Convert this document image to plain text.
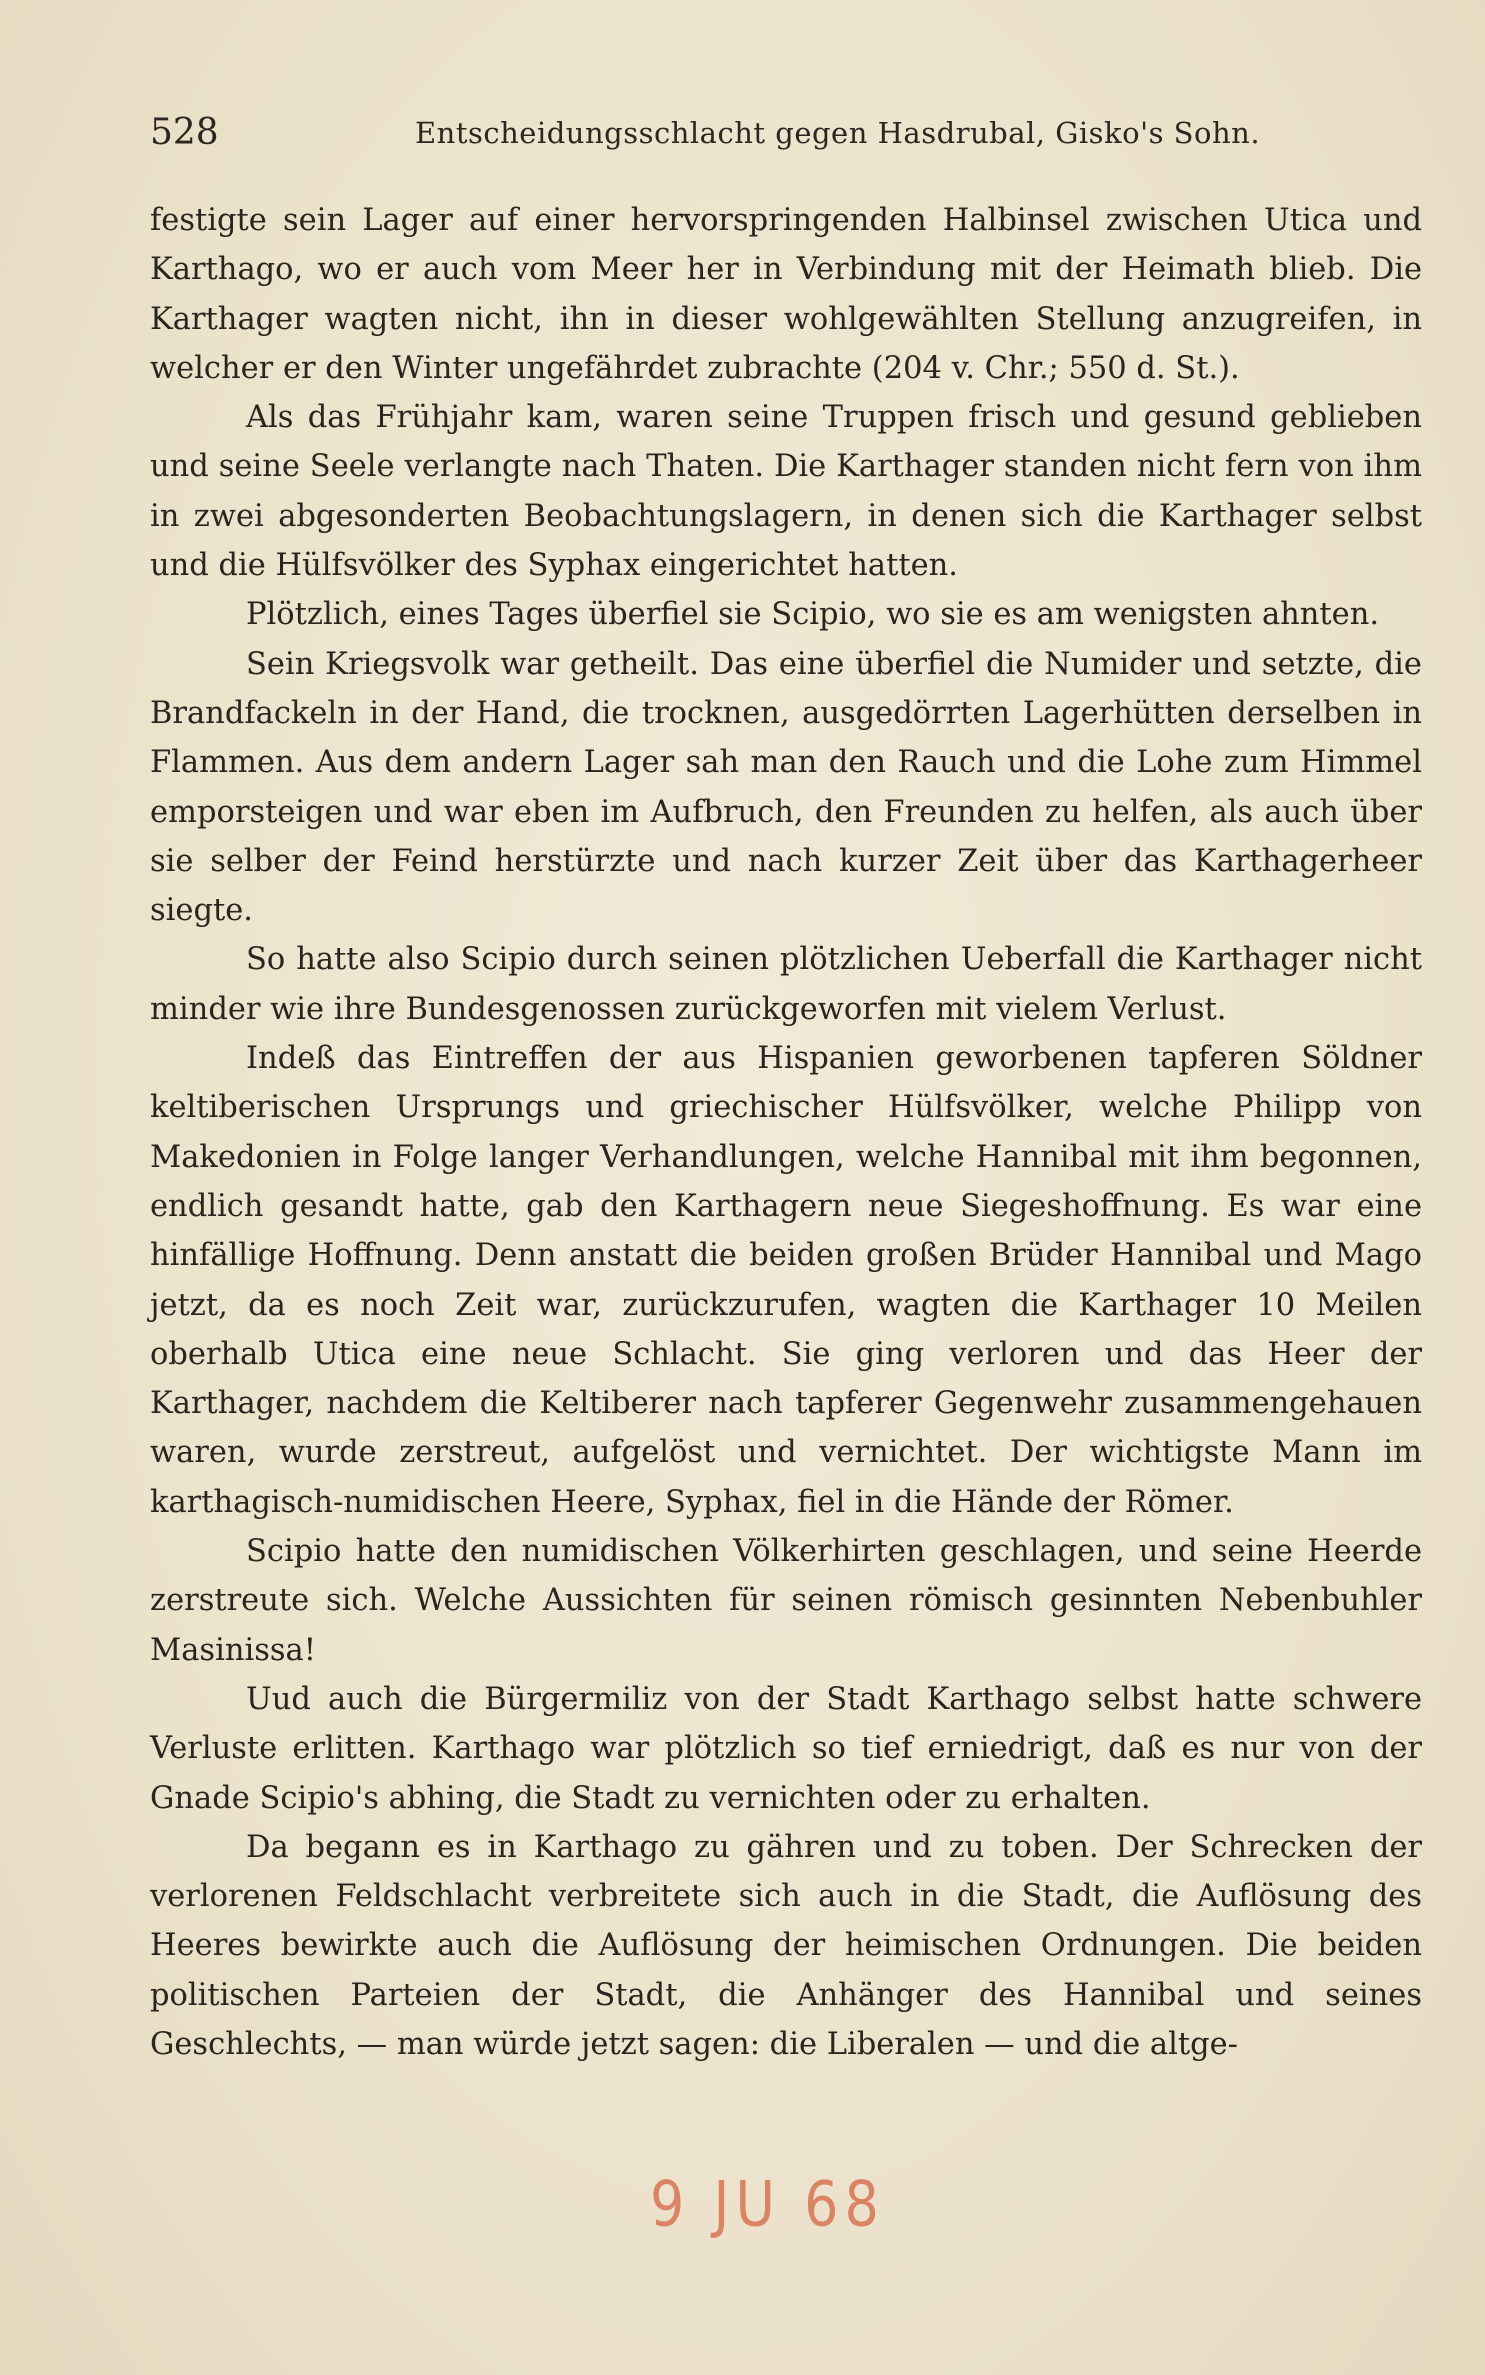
528	Entscheidungsschlacht gegen Hasdrubal, Gisko's Sohn.

festigte sein Lager auf einer hervorspringenden Halbinsel zwischen Utica und Karthago, wo er auch vom Meer her in Verbindung mit der Heimath blieb. Die Karthager wagten nicht, ihn in dieser wohlgewählten Stellung anzugreifen, in welcher er den Winter ungefährdet zubrachte (204 v. Chr.; 550 d. St.).

Als das Frühjahr kam, waren seine Truppen frisch und gesund geblieben und seine Seele verlangte nach Thaten. Die Karthager standen nicht fern von ihm in zwei abgesonderten Beobachtungslagern, in denen sich die Karthager selbst und die Hülfsvölker des Syphax eingerichtet hatten.

Plötzlich, eines Tages überfiel sie Scipio, wo sie es am wenigsten ahnten.

Sein Kriegsvolk war getheilt. Das eine überfiel die Numider und setzte, die Brandfackeln in der Hand, die trocknen, ausgedörrten Lagerhütten derselben in Flammen. Aus dem andern Lager sah man den Rauch und die Lohe zum Himmel emporsteigen und war eben im Aufbruch, den Freunden zu helfen, als auch über sie selber der Feind herstürzte und nach kurzer Zeit über das Karthagerheer siegte.

So hatte also Scipio durch seinen plötzlichen Ueberfall die Karthager nicht minder wie ihre Bundesgenossen zurückgeworfen mit vielem Verlust.

Indeß das Eintreffen der aus Hispanien geworbenen tapferen Söldner keltiberischen Ursprungs und griechischer Hülfsvölker, welche Philipp von Makedonien in Folge langer Verhandlungen, welche Hannibal mit ihm begonnen, endlich gesandt hatte, gab den Karthagern neue Siegeshoffnung. Es war eine hinfällige Hoffnung. Denn anstatt die beiden großen Brüder Hannibal und Mago jetzt, da es noch Zeit war, zurückzurufen, wagten die Karthager 10 Meilen oberhalb Utica eine neue Schlacht. Sie ging verloren und das Heer der Karthager, nachdem die Keltiberer nach tapferer Gegenwehr zusammengehauen waren, wurde zerstreut, aufgelöst und vernichtet. Der wichtigste Mann im karthagisch-numidischen Heere, Syphax, fiel in die Hände der Römer.

Scipio hatte den numidischen Völkerhirten geschlagen, und seine Heerde zerstreute sich. Welche Aussichten für seinen römisch gesinnten Nebenbuhler Masinissa!

Uud auch die Bürgermiliz von der Stadt Karthago selbst hatte schwere Verluste erlitten. Karthago war plötzlich so tief erniedrigt, daß es nur von der Gnade Scipio's abhing, die Stadt zu vernichten oder zu erhalten.

Da begann es in Karthago zu gähren und zu toben. Der Schrecken der verlorenen Feldschlacht verbreitete sich auch in die Stadt, die Auflösung des Heeres bewirkte auch die Auflösung der heimischen Ordnungen. Die beiden politischen Parteien der Stadt, die Anhänger des Hannibal und seines Geschlechts, — man würde jetzt sagen: die Liberalen — und die altge-

9 JU 68
